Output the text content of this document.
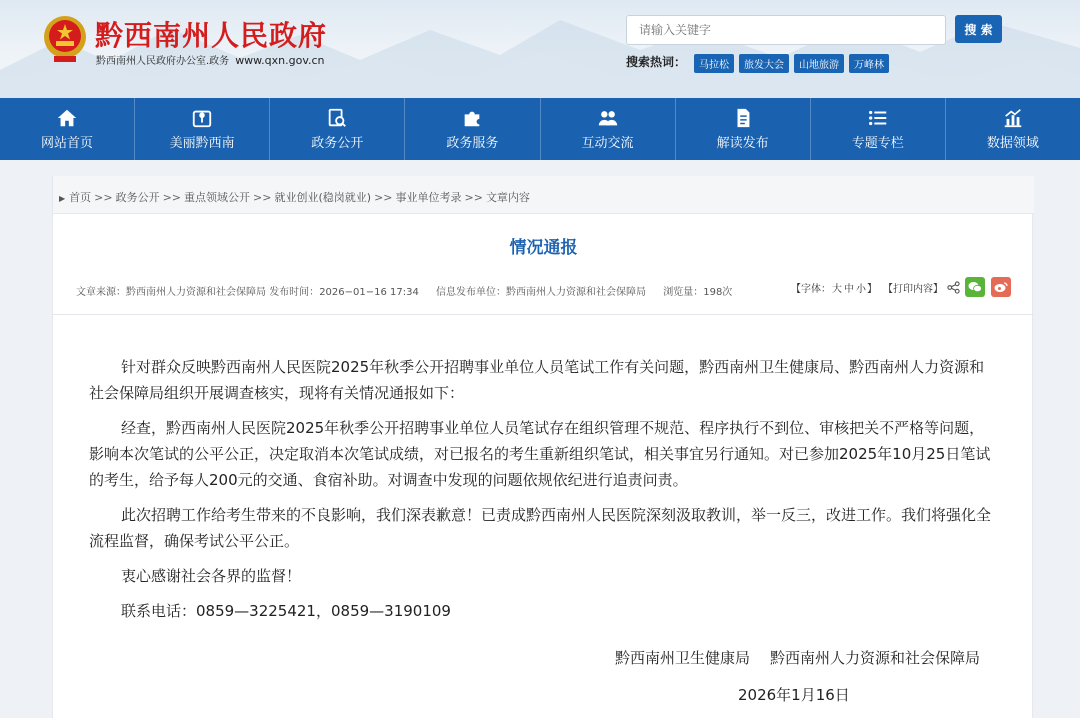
黔西南州人民政府
黔西南州人民政府办公室.政务 www.qxn.gov.cn
请输入关键字
搜 索
搜索热词：	马拉松	旅发大会	山地旅游	万峰林
网站首页	美丽黔西南	政务公开	政务服务	互动交流	解读发布	专题专栏	数据领域
▶ 首页 >> 政务公开 >> 重点领域公开 >> 就业创业(稳岗就业) >> 事业单位考录 >> 文章内容
情况通报
文章来源：黔西南州人力资源和社会保障局 发布时间：2026−01−16 17:34 信息发布单位：黔西南州人力资源和社会保障局 浏览量：198次	【字体： 大 中 小 】 【打印内容】

针对群众反映黔西南州人民医院2025年秋季公开招聘事业单位人员笔试工作有关问题，黔西南州卫生健康局、黔西南州人力资源和社会保障局组织开展调查核实，现将有关情况通报如下：

经查，黔西南州人民医院2025年秋季公开招聘事业单位人员笔试存在组织管理不规范、程序执行不到位、审核把关不严格等问题，影响本次笔试的公平公正，决定取消本次笔试成绩，对已报名的考生重新组织笔试，相关事宜另行通知。对已参加2025年10月25日笔试的考生，给予每人200元的交通、食宿补助。对调查中发现的问题依规依纪进行追责问责。

此次招聘工作给考生带来的不良影响，我们深表歉意！已责成黔西南州人民医院深刻汲取教训，举一反三，改进工作。我们将强化全流程监督，确保考试公平公正。

衷心感谢社会各界的监督！

联系电话：0859—3225421，0859—3190109

黔西南州卫生健康局 黔西南州人力资源和社会保障局
2026年1月16日
